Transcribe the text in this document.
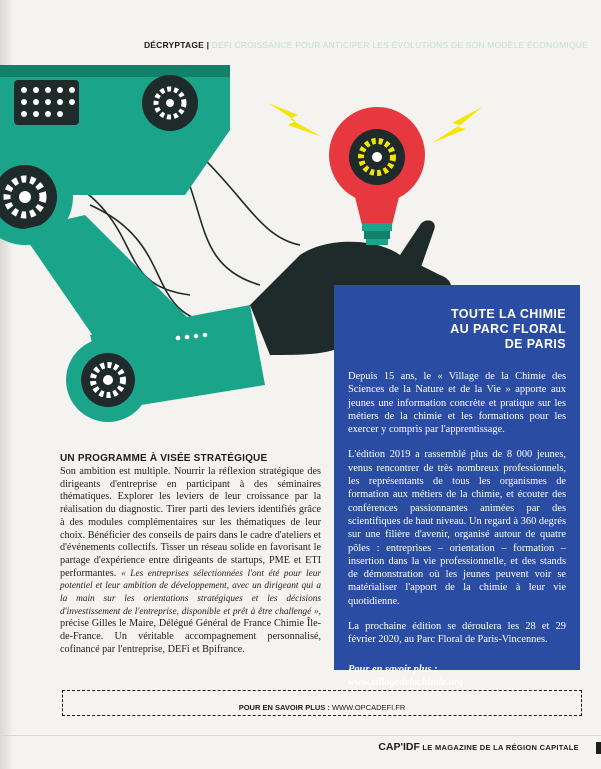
DÉCRYPTAGE | DEFI CROISSANCE POUR ANTICIPER LES ÉVOLUTIONS DE SON MODÈLE ÉCONOMIQUE
TOUTE LA CHIMIE
AU PARC FLORAL
DE PARIS

Depuis 15 ans, le « Village de la Chimie des Sciences de la Nature et de la Vie » apporte aux jeunes une information concrète et pratique sur les métiers de la chimie et les formations pour les exercer y compris par l'apprentissage.

L'édition 2019 a rassemblé plus de 8 000 jeunes, venus rencontrer de très nombreux professionnels, les représentants de tous les organismes de formation aux métiers de la chimie, et écouter des conférences passionnantes animées par des scientifiques de haut niveau. Un regard à 360 degrés sur une filière d'avenir, organisé autour de quatre pôles : entreprises – orientation – formation – insertion dans la vie professionnelle, et des stands de démonstration où les jeunes peuvent voir se matérialiser l'apport de la chimie à leur vie quotidienne.

La prochaine édition se déroulera les 28 et 29 février 2020, au Parc Floral de Paris-Vincennes.

Pour en savoir plus :
www.villagedelachimie.org

UN PROGRAMME À VISÉE STRATÉGIQUE

Son ambition est multiple. Nourrir la réflexion stratégique des dirigeants d'entreprise en participant à des séminaires thématiques. Explorer les leviers de leur croissance par la réalisation du diagnostic. Tirer parti des leviers identifiés grâce à des modules complémentaires sur les thématiques de leur choix. Bénéficier des conseils de pairs dans le cadre d'ateliers et d'événements collectifs. Tisser un réseau solide en favorisant le partage d'expérience entre dirigeants de startups, PME et ETI performantes. « Les entreprises sélectionnées l'ont été pour leur potentiel et leur ambition de développement, avec un dirigeant qui a la main sur les orientations stratégiques et les décisions d'investissement de l'entreprise, disponible et prêt à être challengé », précise Gilles le Maire, Délégué Général de France Chimie Île-de-France. Un véritable accompagnement personnalisé, cofinancé par l'entreprise, DEFi et Bpifrance.

POUR EN SAVOIR PLUS : WWW.OPCADEFI.FR
CAP'IDF LE MAGAZINE DE LA RÉGION CAPITALE
